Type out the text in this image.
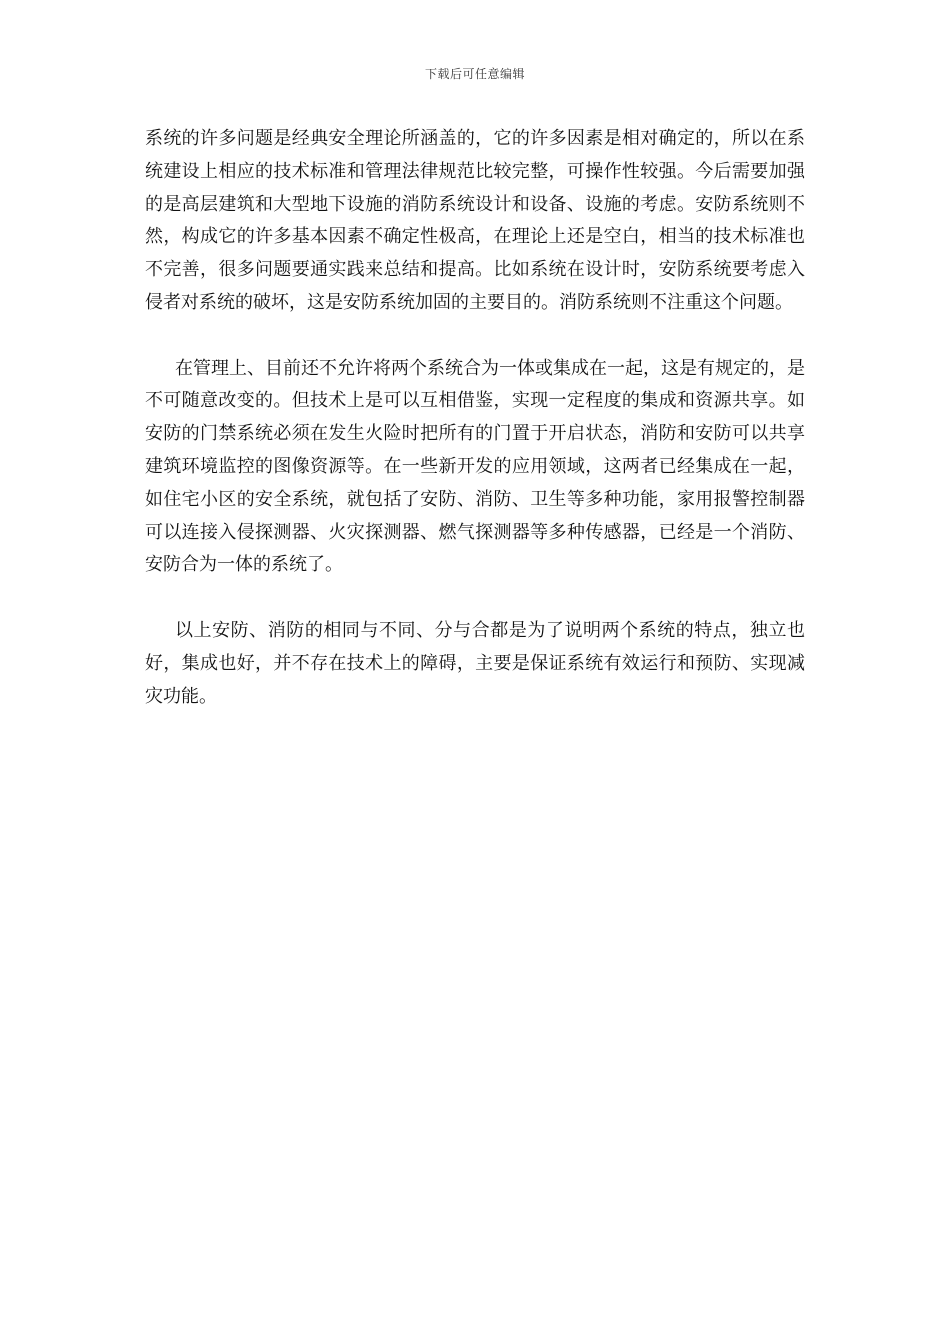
下载后可任意编辑

系统的许多问题是经典安全理论所涵盖的，它的许多因素是相对确定的，所以在系统建设上相应的技术标准和管理法律规范比较完整，可操作性较强。今后需要加强的是高层建筑和大型地下设施的消防系统设计和设备、设施的考虑。安防系统则不然，构成它的许多基本因素不确定性极高，在理论上还是空白，相当的技术标准也不完善，很多问题要通实践来总结和提高。比如系统在设计时，安防系统要考虑入侵者对系统的破坏，这是安防系统加固的主要目的。消防系统则不注重这个问题。

在管理上、目前还不允许将两个系统合为一体或集成在一起，这是有规定的，是不可随意改变的。但技术上是可以互相借鉴，实现一定程度的集成和资源共享。如安防的门禁系统必须在发生火险时把所有的门置于开启状态，消防和安防可以共享建筑环境监控的图像资源等。在一些新开发的应用领域，这两者已经集成在一起，如住宅小区的安全系统，就包括了安防、消防、卫生等多种功能，家用报警控制器可以连接入侵探测器、火灾探测器、燃气探测器等多种传感器，已经是一个消防、安防合为一体的系统了。

以上安防、消防的相同与不同、分与合都是为了说明两个系统的特点，独立也好，集成也好，并不存在技术上的障碍，主要是保证系统有效运行和预防、实现减灾功能。
